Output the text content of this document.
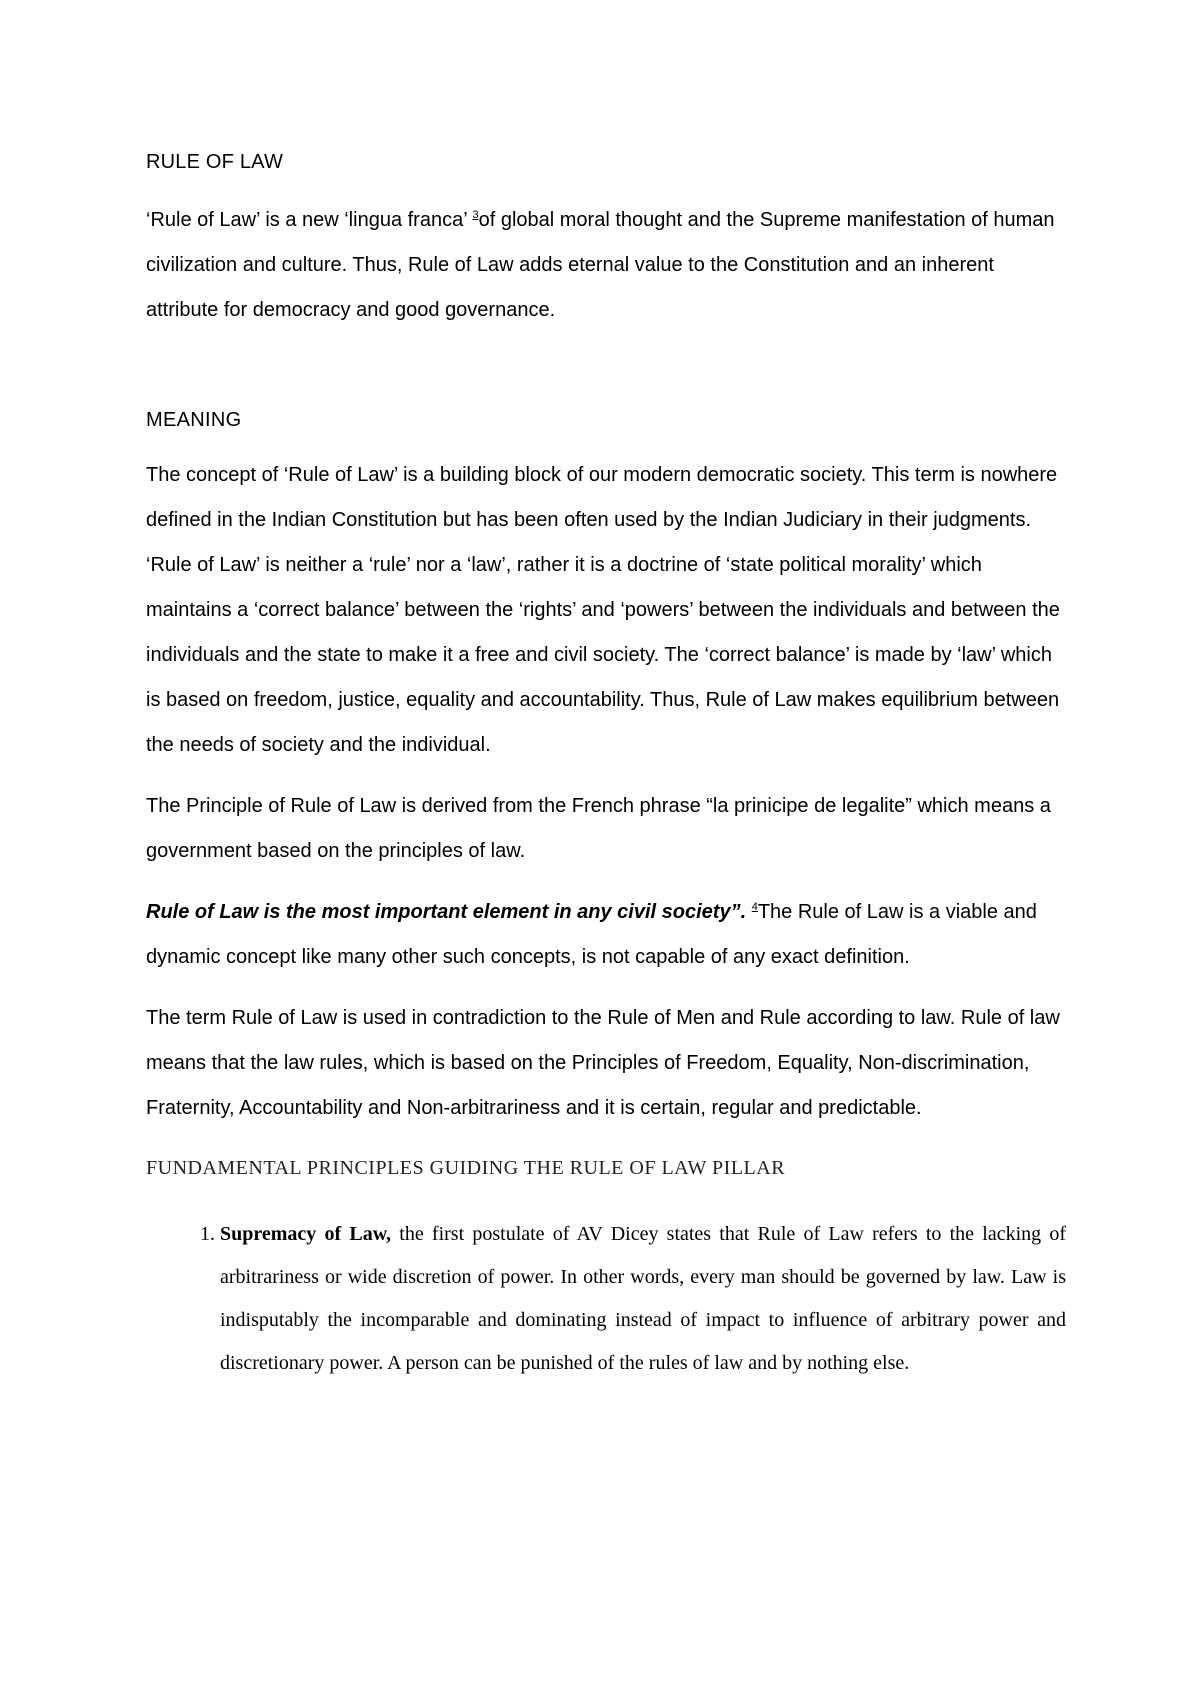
RULE OF LAW

‘Rule of Law’ is a new ‘lingua franca’ $^3$of global moral thought and the Supreme manifestation of human civilization and culture. Thus, Rule of Law adds eternal value to the Constitution and an inherent attribute for democracy and good governance.

MEANING

The concept of ‘Rule of Law’ is a building block of our modern democratic society. This term is nowhere defined in the Indian Constitution but has been often used by the Indian Judiciary in their judgments. ‘Rule of Law’ is neither a ‘rule’ nor a ‘law’, rather it is a doctrine of ‘state political morality’ which maintains a ‘correct balance’ between the ‘rights’ and ‘powers’ between the individuals and between the individuals and the state to make it a free and civil society. The ‘correct balance’ is made by ‘law’ which is based on freedom, justice, equality and accountability. Thus, Rule of Law makes equilibrium between the needs of society and the individual.

The Principle of Rule of Law is derived from the French phrase “la prinicipe de legalite” which means a government based on the principles of law.

Rule of Law is the most important element in any civil society”. $^4$The Rule of Law is a viable and dynamic concept like many other such concepts, is not capable of any exact definition.

The term Rule of Law is used in contradiction to the Rule of Men and Rule according to law. Rule of law means that the law rules, which is based on the Principles of Freedom, Equality, Non-discrimination, Fraternity, Accountability and Non-arbitrariness and it is certain, regular and predictable.

FUNDAMENTAL PRINCIPLES GUIDING THE RULE OF LAW PILLAR

1. Supremacy of Law, the first postulate of AV Dicey states that Rule of Law refers to the lacking of arbitrariness or wide discretion of power. In other words, every man should be governed by law. Law is indisputably the incomparable and dominating instead of impact to influence of arbitrary power and discretionary power. A person can be punished of the rules of law and by nothing else.
